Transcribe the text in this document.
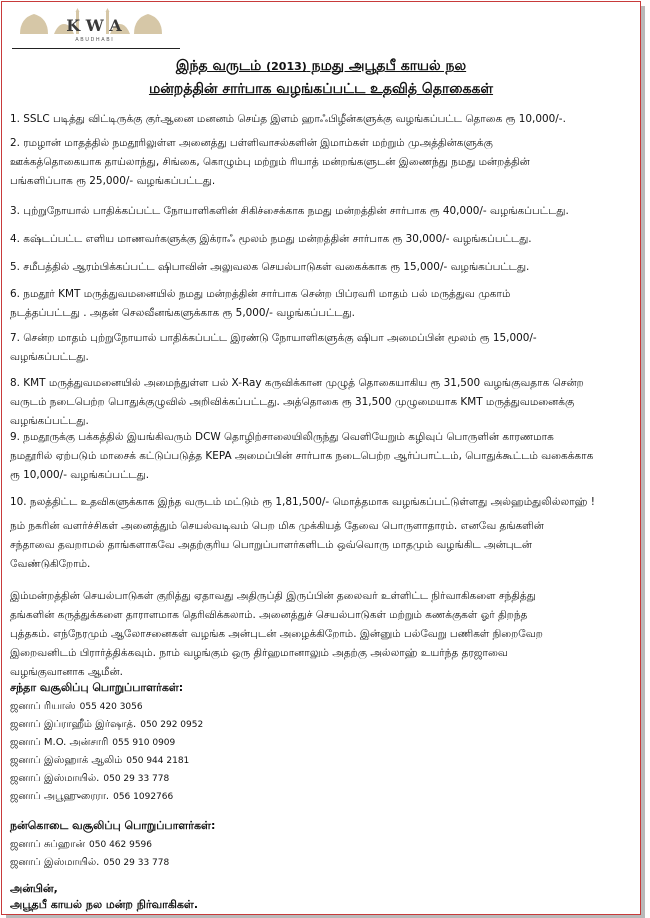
K W A
A B U D H A B I
இந்த வருடம் (2013) நமது அபூதபீ காயல் நல
மன்றத்தின் சார்பாக வழங்கப்பட்ட உதவித் தொகைகள்
1. SSLC படித்து விட்டிருக்கு குர்ஆனை மனனம் செய்த இளம் ஹாஃபிழீன்களுக்கு வழங்கப்பட்ட தொகை ரூ 10,000/-.
2. ரமழான் மாதத்தில் நமதூரிலுள்ள அனைத்து பள்ளிவாசல்களின் இமாம்கள் மற்றும் முஅத்தின்களுக்கு
ஊக்கத்தொகையாக தாய்லாந்து, சிங்கை, கொழும்பு மற்றும் ரியாத் மன்றங்களுடன் இணைந்து நமது மன்றத்தின்
பங்களிப்பாக ரூ 25,000/- வழங்கப்பட்டது.
3. புற்றுநோயால் பாதிக்கப்பட்ட நோயாளிகளின் சிகிச்சைக்காக நமது மன்றத்தின் சார்பாக ரூ 40,000/- வழங்கப்பட்டது.
4. கஷ்டப்பட்ட எளிய மாணவர்களுக்கு இக்ராஃ மூலம் நமது மன்றத்தின் சார்பாக ரூ 30,000/- வழங்கப்பட்டது.
5. சமீபத்தில் ஆரம்பிக்கப்பட்ட ஷிபாவின் அலுவலக செயல்பாடுகள் வகைக்காக ரூ 15,000/- வழங்கப்பட்டது.
6. நமதூர் KMT மருத்துவமனையில் நமது மன்றத்தின் சார்பாக சென்ற பிப்ரவரி மாதம் பல் மருத்துவ முகாம்
நடத்தப்பட்டது . அதன் செலவீனங்களுக்காக ரூ 5,000/- வழங்கப்பட்டது.
7. சென்ற மாதம் புற்றுநோயால் பாதிக்கப்பட்ட இரண்டு நோயாளிகளுக்கு ஷிபா அமைப்பின் மூலம் ரூ 15,000/-
வழங்கப்பட்டது.
8. KMT மருத்துவமனையில் அமைந்துள்ள பல் X-Ray கருவிக்கான முழுத் தொகையாகிய ரூ 31,500 வழங்குவதாக சென்ற
வருடம் நடைபெற்ற பொதுக்குழுவில் அறிவிக்கப்பட்டது. அத்தொகை ரூ 31,500 முழுமையாக KMT மருத்துவமனைக்கு
வழங்கப்பட்டது.
9. நமதூருக்கு பக்கத்தில் இயங்கிவரும் DCW தொழிற்சாலையிலிருந்து வெளியேறும் கழிவுப் பொருளின் காரணமாக
நமதூரில் ஏற்படும் மாசைக் கட்டுப்படுத்த KEPA அமைப்பின் சார்பாக நடைபெற்ற ஆர்ப்பாட்டம், பொதுக்கூட்டம் வகைக்காக
ரூ 10,000/- வழங்கப்பட்டது.
10. நலத்திட்ட உதவிகளுக்காக இந்த வருடம் மட்டும் ரூ 1,81,500/- மொத்தமாக வழங்கப்பட்டுள்ளது அல்ஹம்துலில்லாஹ் !
நம் நகரின் வளர்ச்சிகள் அனைத்தும் செயல்வடிவம் பெற மிக முக்கியத் தேவை பொருளாதாரம். எனவே தங்களின்
சந்தாவை தவறாமல் தாங்களாகவே அதற்குரிய பொறுப்பாளர்களிடம் ஒவ்வொரு மாதமும் வழங்கிட அன்புடன்
வேண்டுகிறோம்.
இம்மன்றத்தின் செயல்பாடுகள் குறித்து ஏதாவது அதிருப்தி இருப்பின் தலைவர் உள்ளிட்ட நிர்வாகிகளை சந்தித்து
தங்களின் கருத்துக்களை தாராளமாக தெரிவிக்கலாம். அனைத்துச் செயல்பாடுகள் மற்றும் கணக்குகள் ஓர் திறந்த
புத்தகம். எந்நேரமும் ஆலோசனைகள் வழங்க அன்புடன் அழைக்கிறோம். இன்னும் பல்வேறு பணிகள் நிறைவேற
இறைவனிடம் பிரார்த்திக்கவும். நாம் வழங்கும் ஒரு திர்ஹமானாலும் அதற்கு அல்லாஹ் உயர்ந்த தரஜாவை
வழங்குவானாக ஆமீன்.
சந்தா வசூலிப்பு பொறுப்பாளர்கள்:
ஜனாப் ரியாஸ் 055 420 3056
ஜனாப் இப்ராஹீம் இர்ஷாத். 050 292 0952
ஜனாப் M.O. அன்சாரி 055 910 0909
ஜனாப் இஸ்ஹாக் ஆலிம் 050 944 2181
ஜனாப் இஸ்மாயில். 050 29 33 778
ஜனாப் அபூஹுரைரா. 056 1092766
நன்கொடை வசூலிப்பு பொறுப்பாளர்கள்:
ஜனாப் சுப்ஹான் 050 462 9596
ஜனாப் இஸ்மாயில். 050 29 33 778
அன்பின்,
அபூதபீ காயல் நல மன்ற நிர்வாகிகள்.
